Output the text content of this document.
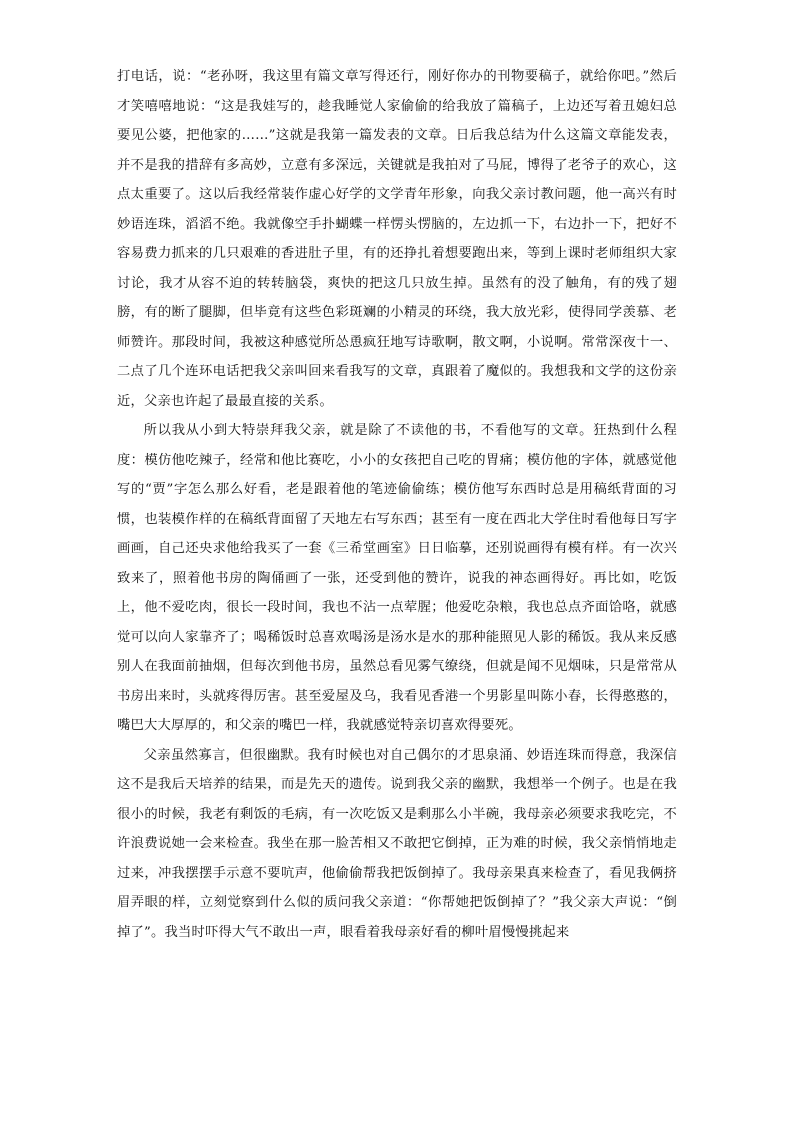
打电话，说：“老孙呀，我这里有篇文章写得还行，刚好你办的刊物要稿子，就给你吧。”然后才笑嘻嘻地说：“这是我娃写的，趁我睡觉人家偷偷的给我放了篇稿子，上边还写着丑媳妇总要见公婆，把他家的……”这就是我第一篇发表的文章。日后我总结为什么这篇文章能发表，并不是我的措辞有多高妙，立意有多深远，关键就是我拍对了马屁，博得了老爷子的欢心，这点太重要了。这以后我经常装作虚心好学的文学青年形象，向我父亲讨教问题，他一高兴有时妙语连珠，滔滔不绝。我就像空手扑蝴蝶一样愣头愣脑的，左边抓一下，右边扑一下，把好不容易费力抓来的几只艰难的香进肚子里，有的还挣扎着想要跑出来，等到上课时老师组织大家讨论，我才从容不迫的转转脑袋，爽快的把这几只放生掉。虽然有的没了触角，有的残了翅膀，有的断了腿脚，但毕竟有这些色彩斑斓的小精灵的环绕，我大放光彩，使得同学羡慕、老师赞许。那段时间，我被这种感觉所怂恿疯狂地写诗歌啊，散文啊，小说啊。常常深夜十一、二点了几个连环电话把我父亲叫回来看我写的文章，真跟着了魔似的。我想我和文学的这份亲近，父亲也许起了最最直接的关系。

所以我从小到大特崇拜我父亲，就是除了不读他的书，不看他写的文章。狂热到什么程度：模仿他吃辣子，经常和他比赛吃，小小的女孩把自己吃的胃痛；模仿他的字体，就感觉他写的“贾”字怎么那么好看，老是跟着他的笔迹偷偷练；模仿他写东西时总是用稿纸背面的习惯，也装模作样的在稿纸背面留了天地左右写东西；甚至有一度在西北大学住时看他每日写字画画，自己还央求他给我买了一套《三希堂画室》日日临摹，还别说画得有模有样。有一次兴致来了，照着他书房的陶俑画了一张，还受到他的赞许，说我的神态画得好。再比如，吃饭上，他不爱吃肉，很长一段时间，我也不沾一点荤腥；他爱吃杂粮，我也总点齐面饸咯，就感觉可以向人家靠齐了；喝稀饭时总喜欢喝汤是汤水是水的那种能照见人影的稀饭。我从来反感别人在我面前抽烟，但每次到他书房，虽然总看见雾气缭绕，但就是闻不见烟味，只是常常从书房出来时，头就疼得厉害。甚至爱屋及乌，我看见香港一个男影星叫陈小春，长得憨憨的，嘴巴大大厚厚的，和父亲的嘴巴一样，我就感觉特亲切喜欢得要死。

父亲虽然寡言，但很幽默。我有时候也对自己偶尔的才思泉涌、妙语连珠而得意，我深信这不是我后天培养的结果，而是先天的遗传。说到我父亲的幽默，我想举一个例子。也是在我很小的时候，我老有剩饭的毛病，有一次吃饭又是剩那么小半碗，我母亲必须要求我吃完，不许浪费说她一会来检查。我坐在那一脸苦相又不敢把它倒掉，正为难的时候，我父亲悄悄地走过来，冲我摆摆手示意不要吭声，他偷偷帮我把饭倒掉了。我母亲果真来检查了，看见我俩挤眉弄眼的样，立刻觉察到什么似的质问我父亲道：“你帮她把饭倒掉了？”我父亲大声说：“倒掉了”。我当时吓得大气不敢出一声，眼看着我母亲好看的柳叶眉慢慢挑起来
